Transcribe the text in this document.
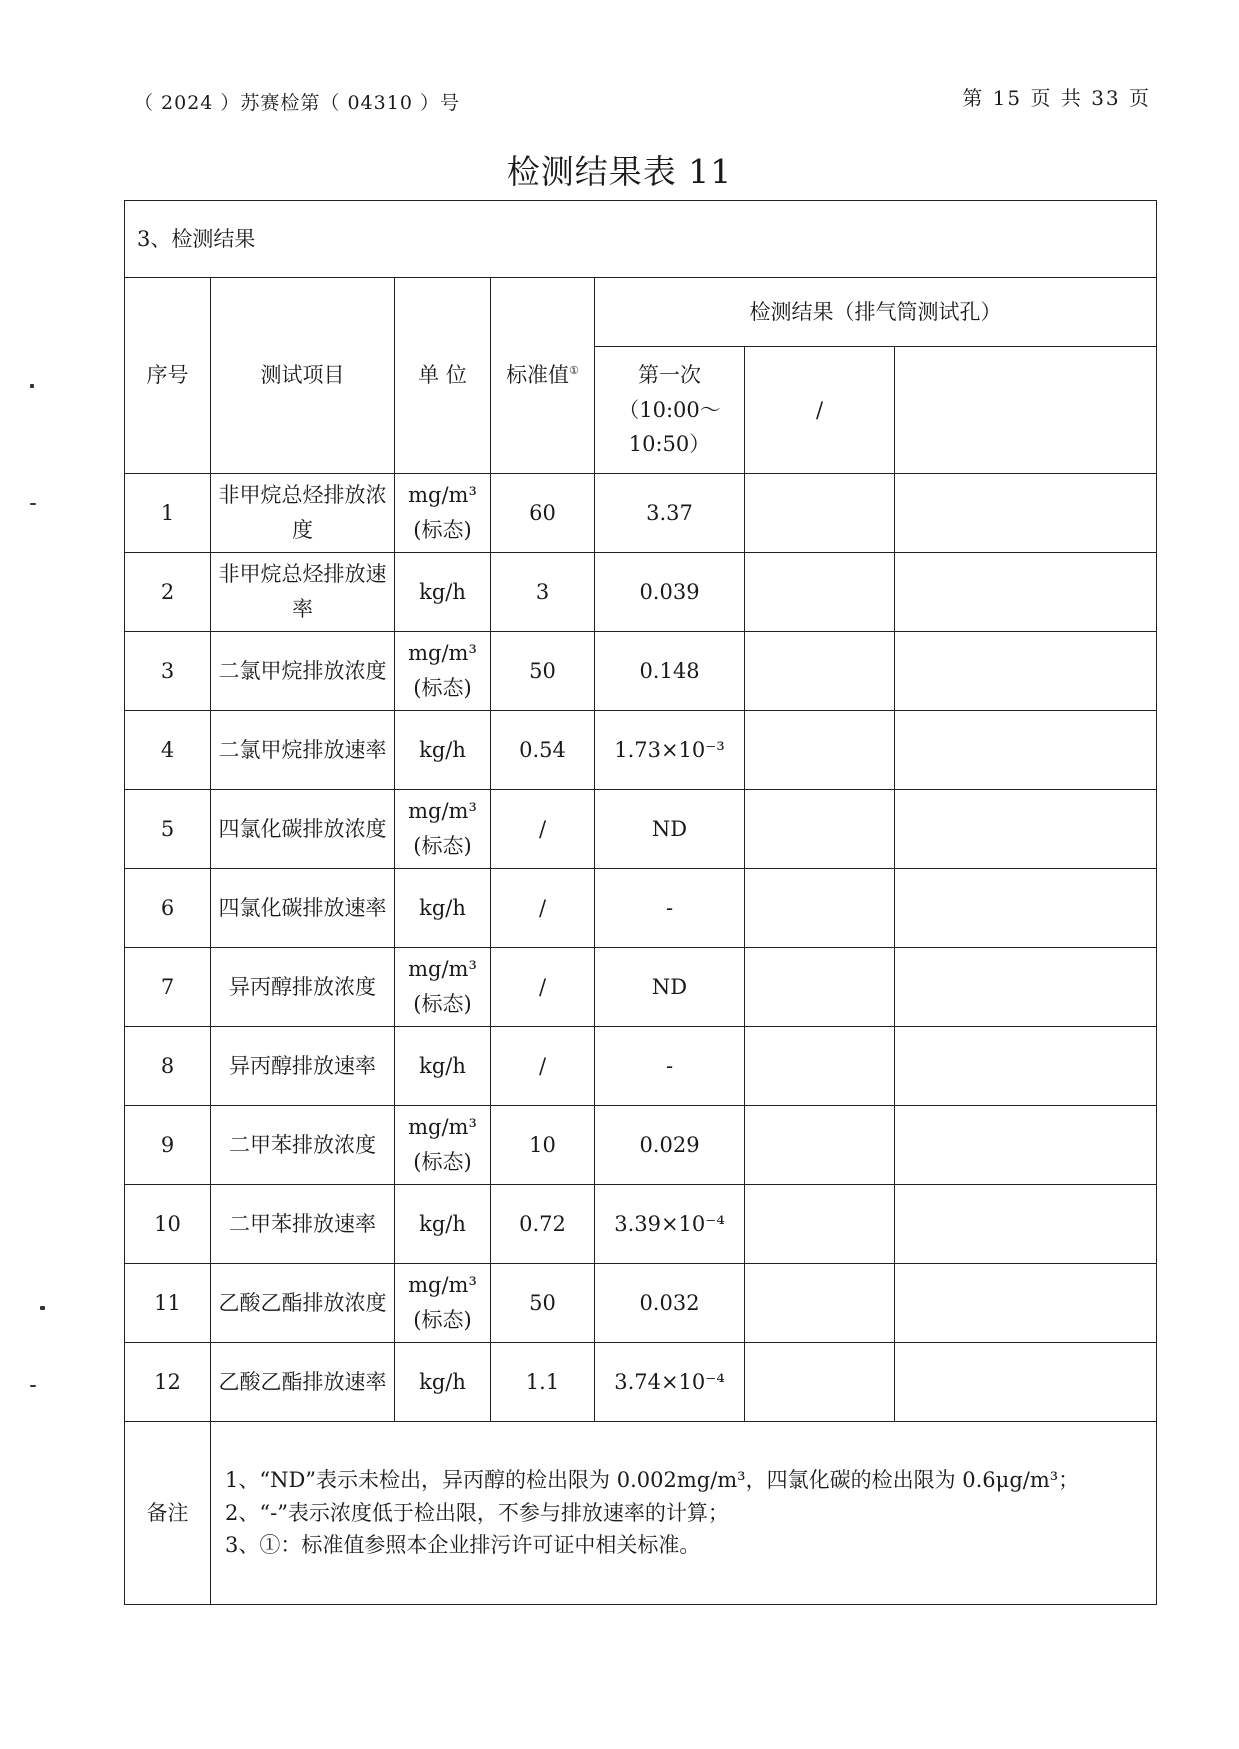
（ 2024 ）苏赛检第（ 04310 ）号	第 15 页 共 33 页
检测结果表 11
3、检测结果						
序号	测试项目	单 位	标准值①	检测结果（排气筒测试孔）		

				第一次
（10:00～
10:50）	/	
1	非甲烷总烃排放浓度	mg/m³
(标态)	60	3.37		
2	非甲烷总烃排放速率	kg/h	3	0.039		
3	二氯甲烷排放浓度	mg/m³
(标态)	50	0.148		
4	二氯甲烷排放速率	kg/h	0.54	1.73×10⁻³		
5	四氯化碳排放浓度	mg/m³
(标态)	/	ND		
6	四氯化碳排放速率	kg/h	/	-		
7	异丙醇排放浓度	mg/m³
(标态)	/	ND		
8	异丙醇排放速率	kg/h	/	-		
9	二甲苯排放浓度	mg/m³
(标态)	10	0.029		
10	二甲苯排放速率	kg/h	0.72	3.39×10⁻⁴		
11	乙酸乙酯排放浓度	mg/m³
(标态)	50	0.032		
12	乙酸乙酯排放速率	kg/h	1.1	3.74×10⁻⁴		
备注	1、“ND”表示未检出，异丙醇的检出限为 0.002mg/m³，四氯化碳的检出限为 0.6μg/m³；
2、“-”表示浓度低于检出限，不参与排放速率的计算；
3、①：标准值参照本企业排污许可证中相关标准。					
